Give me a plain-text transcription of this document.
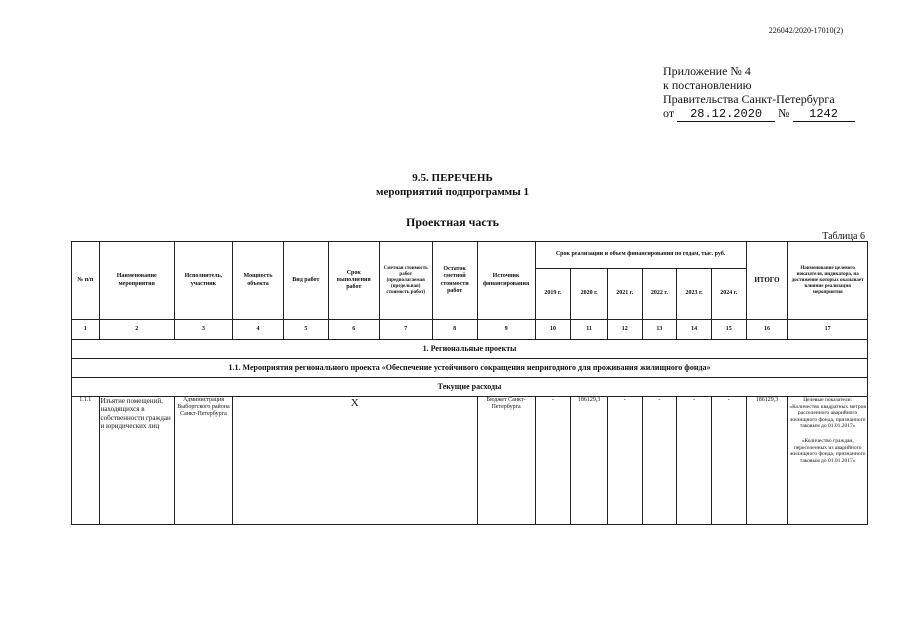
226042/2020-17010(2)
Приложение № 4
к постановлению
Правительства Санкт-Петербурга
от 28.12.2020 № 1242
9.5. ПЕРЕЧЕНЬ
мероприятий подпрограммы 1
Проектная часть
Таблица 6
№ п/п	Наименование мероприятия	Исполнитель, участник	Мощность объекта	Вид работ	Срок выполнения работ	Сметная стоимость работ (предполагаемая (предельная) стоимость работ)	Остаток сметной стоимости работ	Источник финансирования	Срок реализации и объем финансирования по годам, тыс. руб.						ИТОГО	Наименование целевого показателя, индикатора, на достижение которых оказывает влияние реализация мероприятия
									2019 г.	2020 г.	2021 г.	2022 г.	2023 г.	2024 г.		
1	2	3	4	5	6	7	8	9	10	11	12	13	14	15	16	17
1. Региональные проекты																
1.1. Мероприятия регионального проекта «Обеспечение устойчивого сокращения непригодного для проживания жилищного фонда»																
Текущие расходы																
1.1.1	Изъятие помещений, находящихся в собственности граждан и юридических лиц	Администрация Выборгского района Санкт-Петербурга	Х					Бюджет Санкт-Петербурга	-	186129,3	-	-	-	-	186129,3	Целевые показатели: «Количество квадратных метров расселенного аварийного жилищного фонда, признанного таковым до 01.01.2017»
«Количество граждан, переселенных из аварийного жилищного фонда, признанного таковым до 01.01.2017»
